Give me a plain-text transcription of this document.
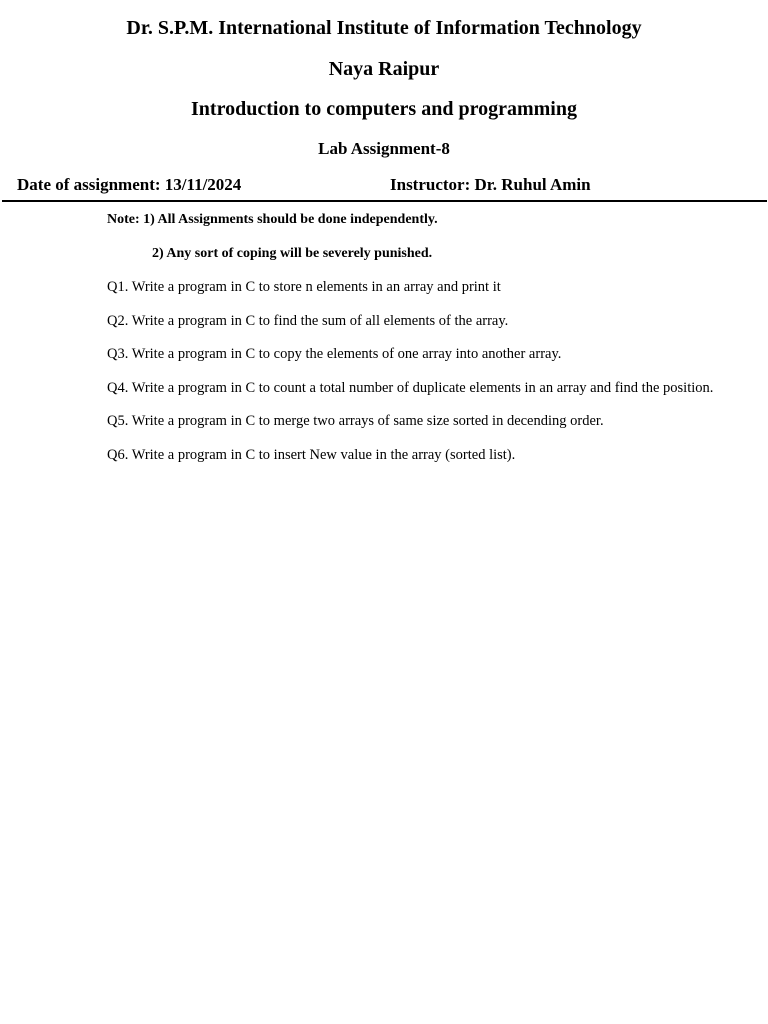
Dr. S.P.M. International Institute of Information Technology
Naya Raipur
Introduction to computers and programming
Lab Assignment-8
Date of assignment: 13/11/2024	Instructor: Dr. Ruhul Amin
Note: 1) All Assignments should be done independently.
2) Any sort of coping will be severely punished.
Q1. Write a program in C to store n elements in an array and print it
Q2. Write a program in C to find the sum of all elements of the array.
Q3. Write a program in C to copy the elements of one array into another array.
Q4. Write a program in C to count a total number of duplicate elements in an array and find the position.
Q5. Write a program in C to merge two arrays of same size sorted in decending order.
Q6. Write a program in C to insert New value in the array (sorted list).
